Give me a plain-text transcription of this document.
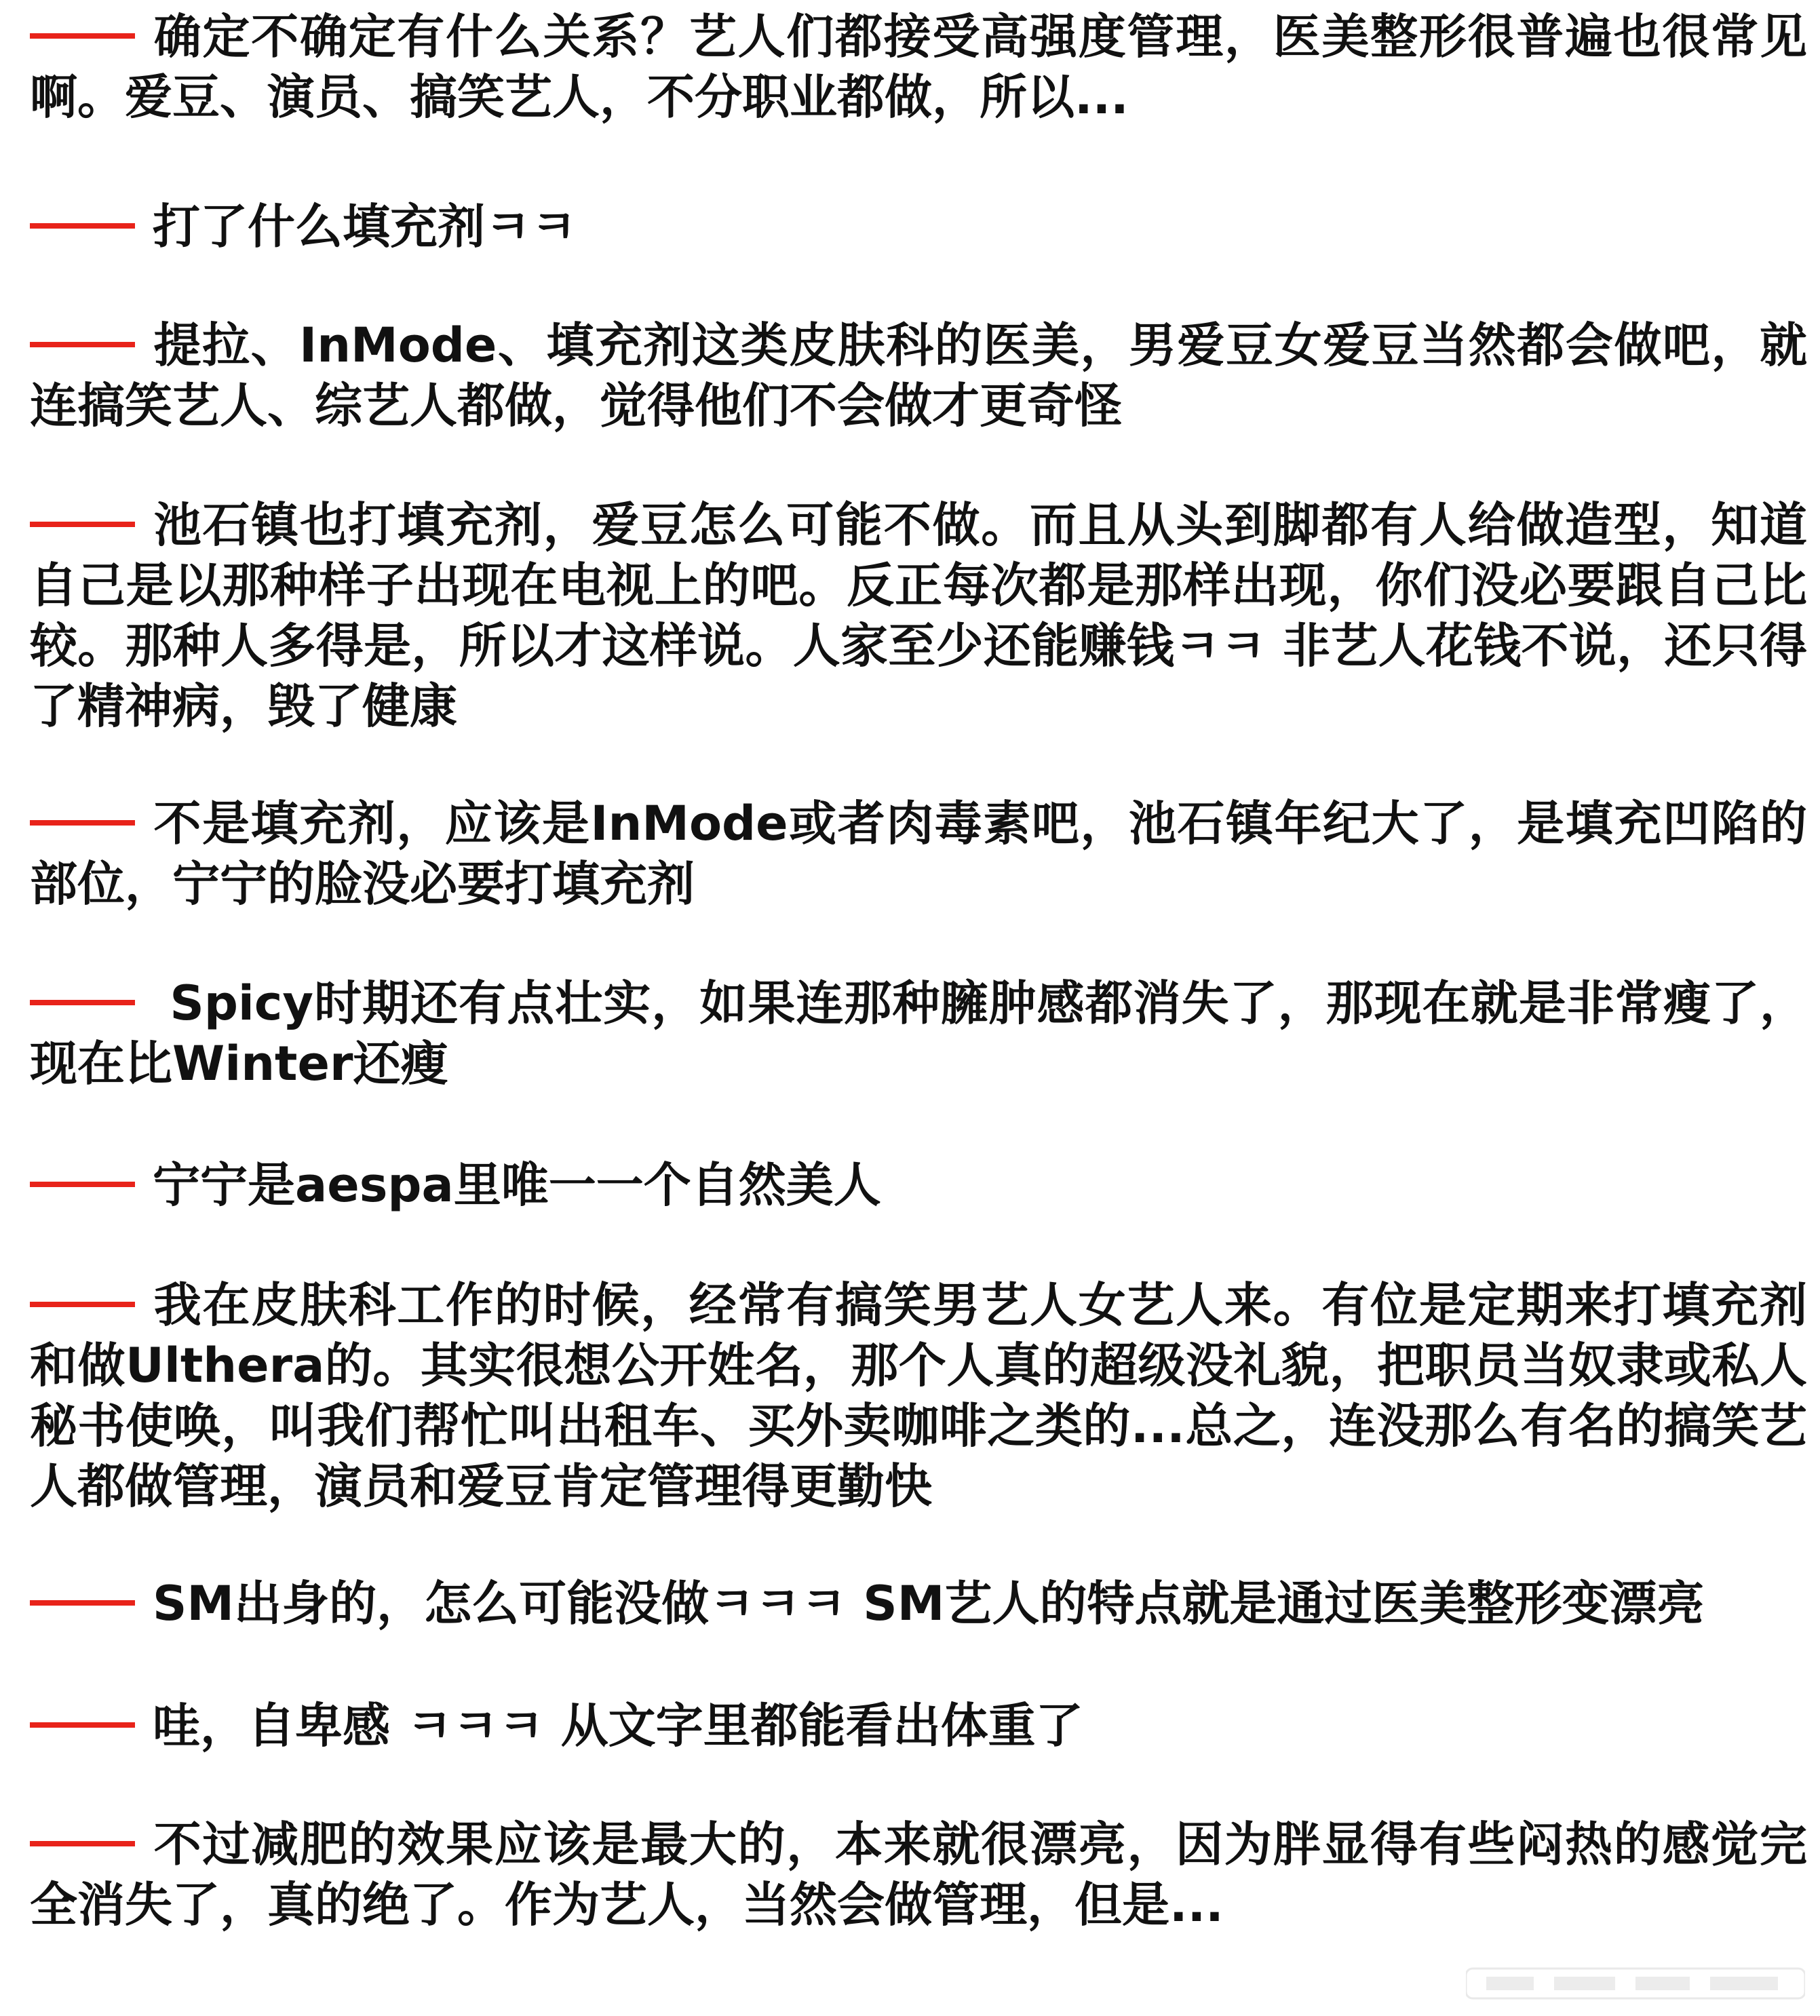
确定不确定有什么关系？艺人们都接受高强度管理，医美整形很普遍也很常见啊。爱豆、演员、搞笑艺人，不分职业都做，所以...
打了什么填充剂ㅋㅋ
提拉、InMode、填充剂这类皮肤科的医美，男爱豆女爱豆当然都会做吧，就连搞笑艺人、综艺人都做，觉得他们不会做才更奇怪
池石镇也打填充剂，爱豆怎么可能不做。而且从头到脚都有人给做造型，知道自己是以那种样子出现在电视上的吧。反正每次都是那样出现，你们没必要跟自己比较。那种人多得是，所以才这样说。人家至少还能赚钱ㅋㅋ 非艺人花钱不说，还只得了精神病，毁了健康
不是填充剂，应该是InMode或者肉毒素吧，池石镇年纪大了，是填充凹陷的部位，宁宁的脸没必要打填充剂
Spicy时期还有点壮实，如果连那种臃肿感都消失了，那现在就是非常瘦了，现在比Winter还瘦
宁宁是aespa里唯一一个自然美人
我在皮肤科工作的时候，经常有搞笑男艺人女艺人来。有位是定期来打填充剂和做Ulthera的。其实很想公开姓名，那个人真的超级没礼貌，把职员当奴隶或私人秘书使唤，叫我们帮忙叫出租车、买外卖咖啡之类的...总之，连没那么有名的搞笑艺人都做管理，演员和爱豆肯定管理得更勤快
SM出身的，怎么可能没做ㅋㅋㅋ SM艺人的特点就是通过医美整形变漂亮
哇，自卑感 ㅋㅋㅋ 从文字里都能看出体重了
不过减肥的效果应该是最大的，本来就很漂亮，因为胖显得有些闷热的感觉完全消失了，真的绝了。作为艺人，当然会做管理，但是...
